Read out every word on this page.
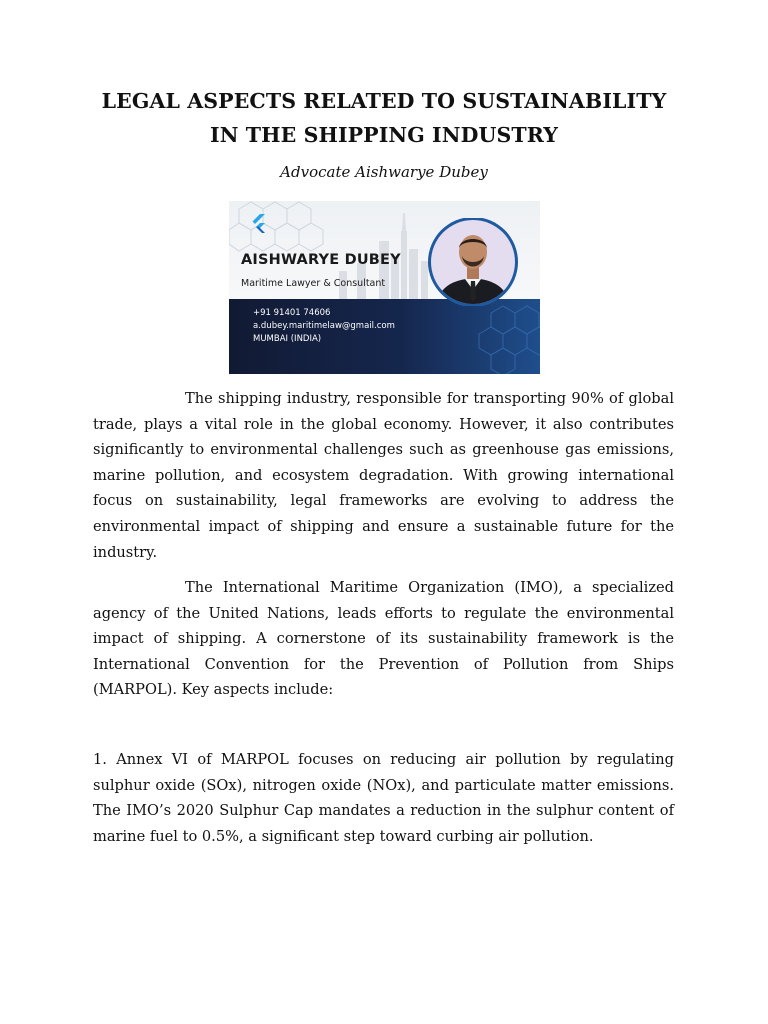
LEGAL ASPECTS RELATED TO SUSTAINABILITY
IN THE SHIPPING INDUSTRY

Advocate Aishwarye Dubey

AISHWARYE DUBEY
Maritime Lawyer & Consultant
+91 91401 74606
a.dubey.maritimelaw@gmail.com
MUMBAI (INDIA)

The shipping industry, responsible for transporting 90% of global trade, plays a vital role in the global economy. However, it also contributes significantly to environmental challenges such as greenhouse gas emissions, marine pollution, and ecosystem degradation. With growing international focus on sustainability, legal frameworks are evolving to address the environmental impact of shipping and ensure a sustainable future for the industry.

The International Maritime Organization (IMO), a specialized agency of the United Nations, leads efforts to regulate the environmental impact of shipping. A cornerstone of its sustainability framework is the International Convention for the Prevention of Pollution from Ships (MARPOL). Key aspects include:

1. Annex VI of MARPOL focuses on reducing air pollution by regulating sulphur oxide (SOx), nitrogen oxide (NOx), and particulate matter emissions. The IMO’s 2020 Sulphur Cap mandates a reduction in the sulphur content of marine fuel to 0.5%, a significant step toward curbing air pollution.
